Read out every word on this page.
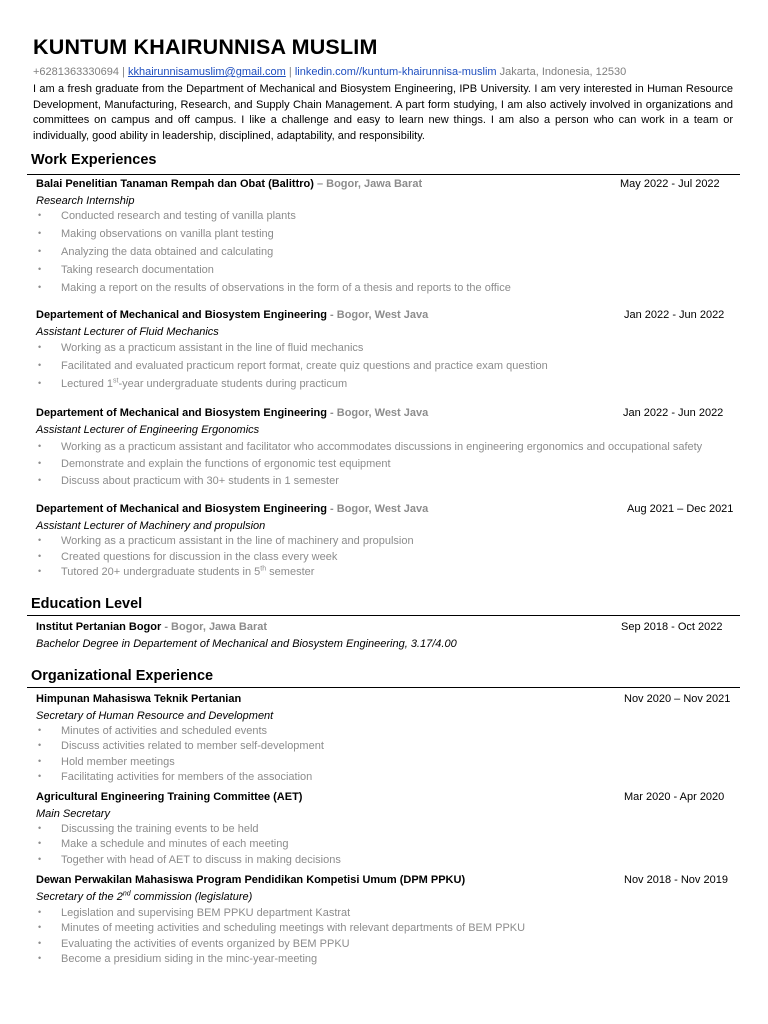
KUNTUM KHAIRUNNISA MUSLIM
+6281363330694 | kkhairunnisamuslim@gmail.com | linkedin.com//kuntum-khairunnisa-muslim Jakarta, Indonesia, 12530

I am a fresh graduate from the Department of Mechanical and Biosystem Engineering, IPB University. I am very interested in Human Resource Development, Manufacturing, Research, and Supply Chain Management. A part form studying, I am also actively involved in organizations and committees on campus and off campus. I like a challenge and easy to learn new things. I am also a person who can work in a team or individually, good ability in leadership, disciplined, adaptability, and responsibility.

Work Experiences
Balai Penelitian Tanaman Rempah dan Obat (Balittro) – Bogor, Jawa Barat	May 2022 - Jul 2022
Research Internship
• Conducted research and testing of vanilla plants
• Making observations on vanilla plant testing
• Analyzing the data obtained and calculating
• Taking research documentation
• Making a report on the results of observations in the form of a thesis and reports to the office
Departement of Mechanical and Biosystem Engineering - Bogor, West Java	Jan 2022 - Jun 2022
Assistant Lecturer of Fluid Mechanics
• Working as a practicum assistant in the line of fluid mechanics
• Facilitated and evaluated practicum report format, create quiz questions and practice exam question
• Lectured 1st-year undergraduate students during practicum
Departement of Mechanical and Biosystem Engineering - Bogor, West Java	Jan 2022 - Jun 2022
Assistant Lecturer of Engineering Ergonomics
• Working as a practicum assistant and facilitator who accommodates discussions in engineering ergonomics and occupational safety
• Demonstrate and explain the functions of ergonomic test equipment
• Discuss about practicum with 30+ students in 1 semester
Departement of Mechanical and Biosystem Engineering - Bogor, West Java	Aug 2021 – Dec 2021
Assistant Lecturer of Machinery and propulsion
• Working as a practicum assistant in the line of machinery and propulsion
• Created questions for discussion in the class every week
• Tutored 20+ undergraduate students in 5th semester
Education Level
Institut Pertanian Bogor - Bogor, Jawa Barat	Sep 2018 - Oct 2022
Bachelor Degree in Departement of Mechanical and Biosystem Engineering, 3.17/4.00
Organizational Experience
Himpunan Mahasiswa Teknik Pertanian	Nov 2020 – Nov 2021
Secretary of Human Resource and Development
• Minutes of activities and scheduled events
• Discuss activities related to member self-development
• Hold member meetings
• Facilitating activities for members of the association
Agricultural Engineering Training Committee (AET)	Mar 2020 - Apr 2020
Main Secretary
• Discussing the training events to be held
• Make a schedule and minutes of each meeting
• Together with head of AET to discuss in making decisions
Dewan Perwakilan Mahasiswa Program Pendidikan Kompetisi Umum (DPM PPKU)	Nov 2018 - Nov 2019
Secretary of the 2nd commission (legislature)
• Legislation and supervising BEM PPKU department Kastrat
• Minutes of meeting activities and scheduling meetings with relevant departments of BEM PPKU
• Evaluating the activities of events organized by BEM PPKU
• Become a presidium siding in the minc-year-meeting
